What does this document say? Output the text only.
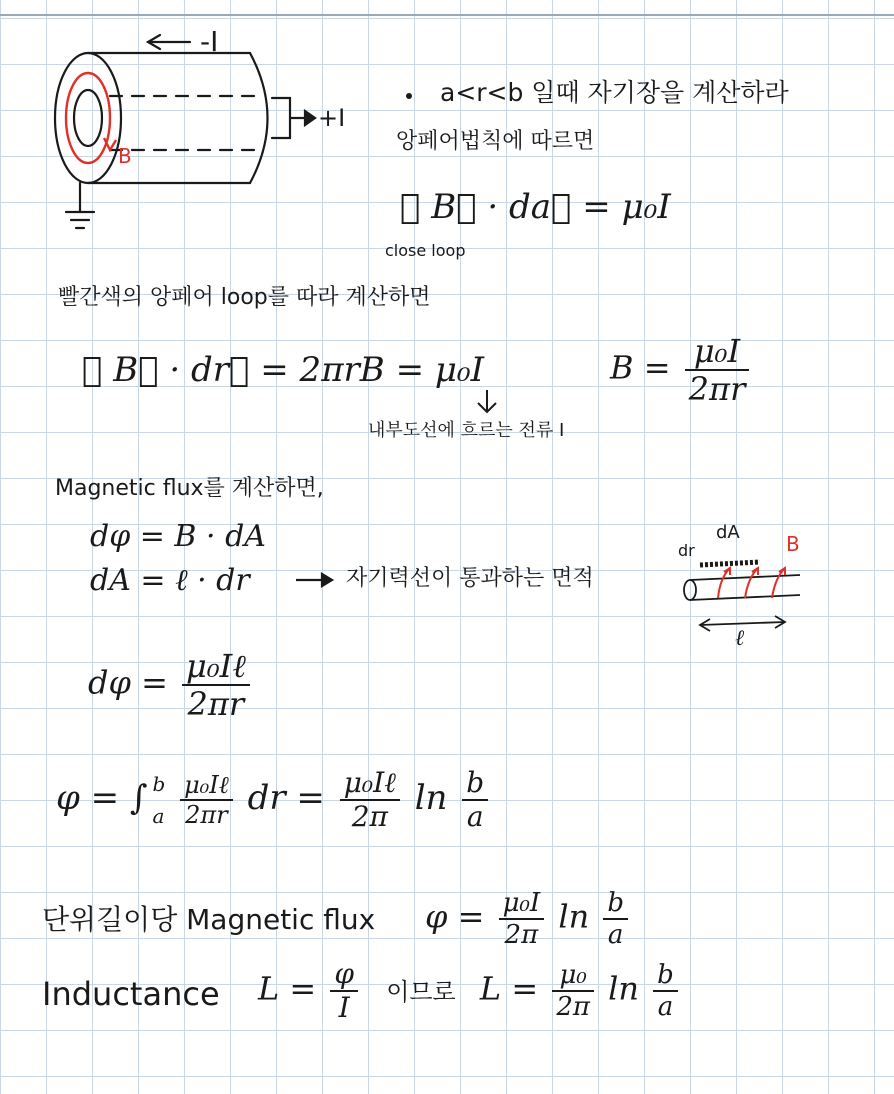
-I
+I
B
a<r<b 일때 자기장을 계산하라
앙페어법칙에 따르면
∮ B⃗ · da⃗ = μ₀I
close loop
빨간색의 앙페어 loop를 따라 계산하면
∮ B⃗ · dr⃗ = 2πrB = μ₀I	$B = \frac{\text{μ₀I}}{2\pi r}$
내부도선에 흐르는 전류 I
Magnetic flux를 계산하면,
dφ = B · dA
dA = ℓ · dr	자기력선이 통과하는 면적
dA
dr	B
ℓ
$d\varphi = \frac{\text{μ₀Iℓ}}{2\pi r}$
φ = ∫ b
a
$\frac{\text{μ₀Iℓ}}{2\pi r}$ dr = $\frac{\text{μ₀Iℓ}}{2\pi}$ $\ln \frac{b}{a}$
단위길이당 Magnetic flux $\varphi = \frac{\text{μ₀I}}{2\pi}$ $\ln \frac{b}{a}$
Inductance $L = \frac{\varphi}{I}$ 이므로 $L = \frac{\text{μ₀}}{2\pi}$ $\ln \frac{b}{a}$
